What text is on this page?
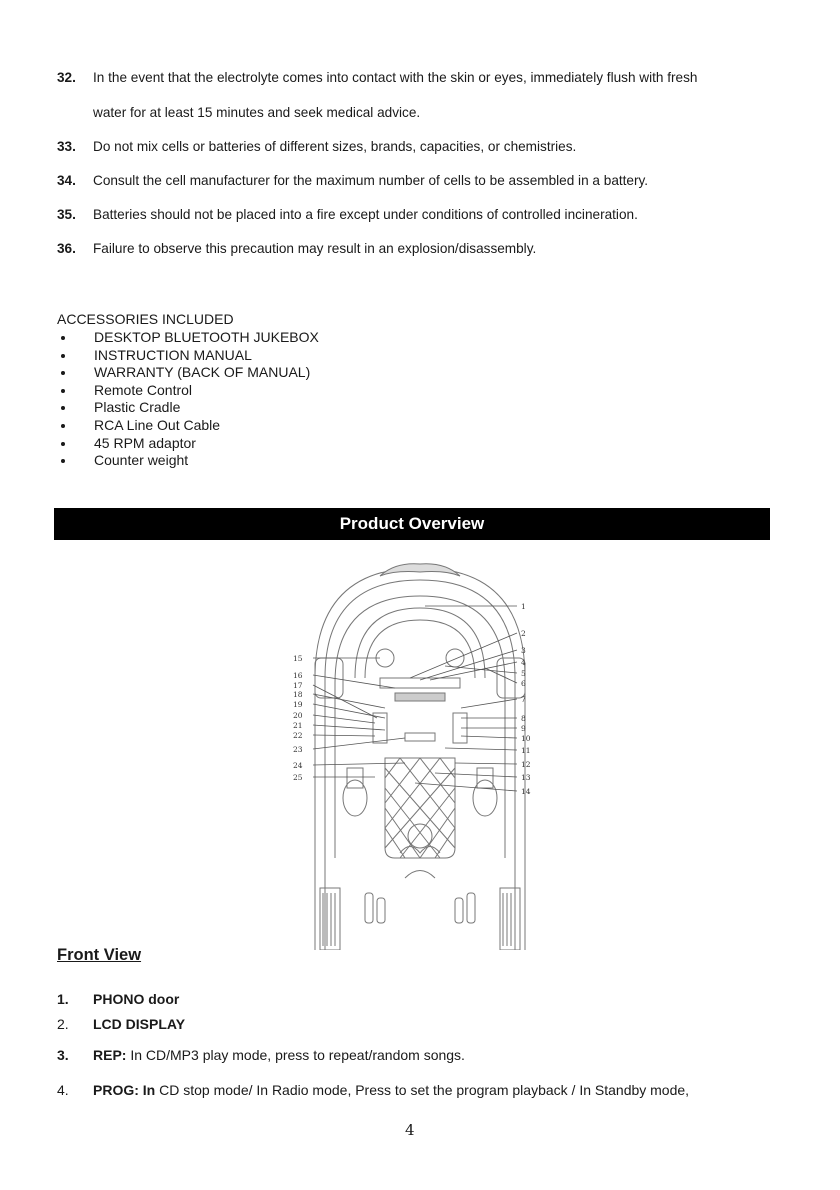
32. In the event that the electrolyte comes into contact with the skin or eyes, immediately flush with fresh
water for at least 15 minutes and seek medical advice.
33. Do not mix cells or batteries of different sizes, brands, capacities, or chemistries.
34. Consult the cell manufacturer for the maximum number of cells to be assembled in a battery.
35. Batteries should not be placed into a fire except under conditions of controlled incineration.
36. Failure to observe this precaution may result in an explosion/disassembly.
ACCESSORIES INCLUDED
DESKTOP BLUETOOTH JUKEBOX
INSTRUCTION MANUAL
WARRANTY (BACK OF MANUAL)
Remote Control
Plastic Cradle
RCA Line Out Cable
45 RPM adaptor
Counter weight
Product Overview
1
2
3
4
5
6
7
8
9
10
11
12
13
14
15
16
17
18
19
20
21
22
23
24
25
Front View
1. PHONO door
2. LCD DISPLAY
3. REP: In CD/MP3 play mode, press to repeat/random songs.
4. PROG: In CD stop mode/ In Radio mode, Press to set the program playback / In Standby mode,
4
